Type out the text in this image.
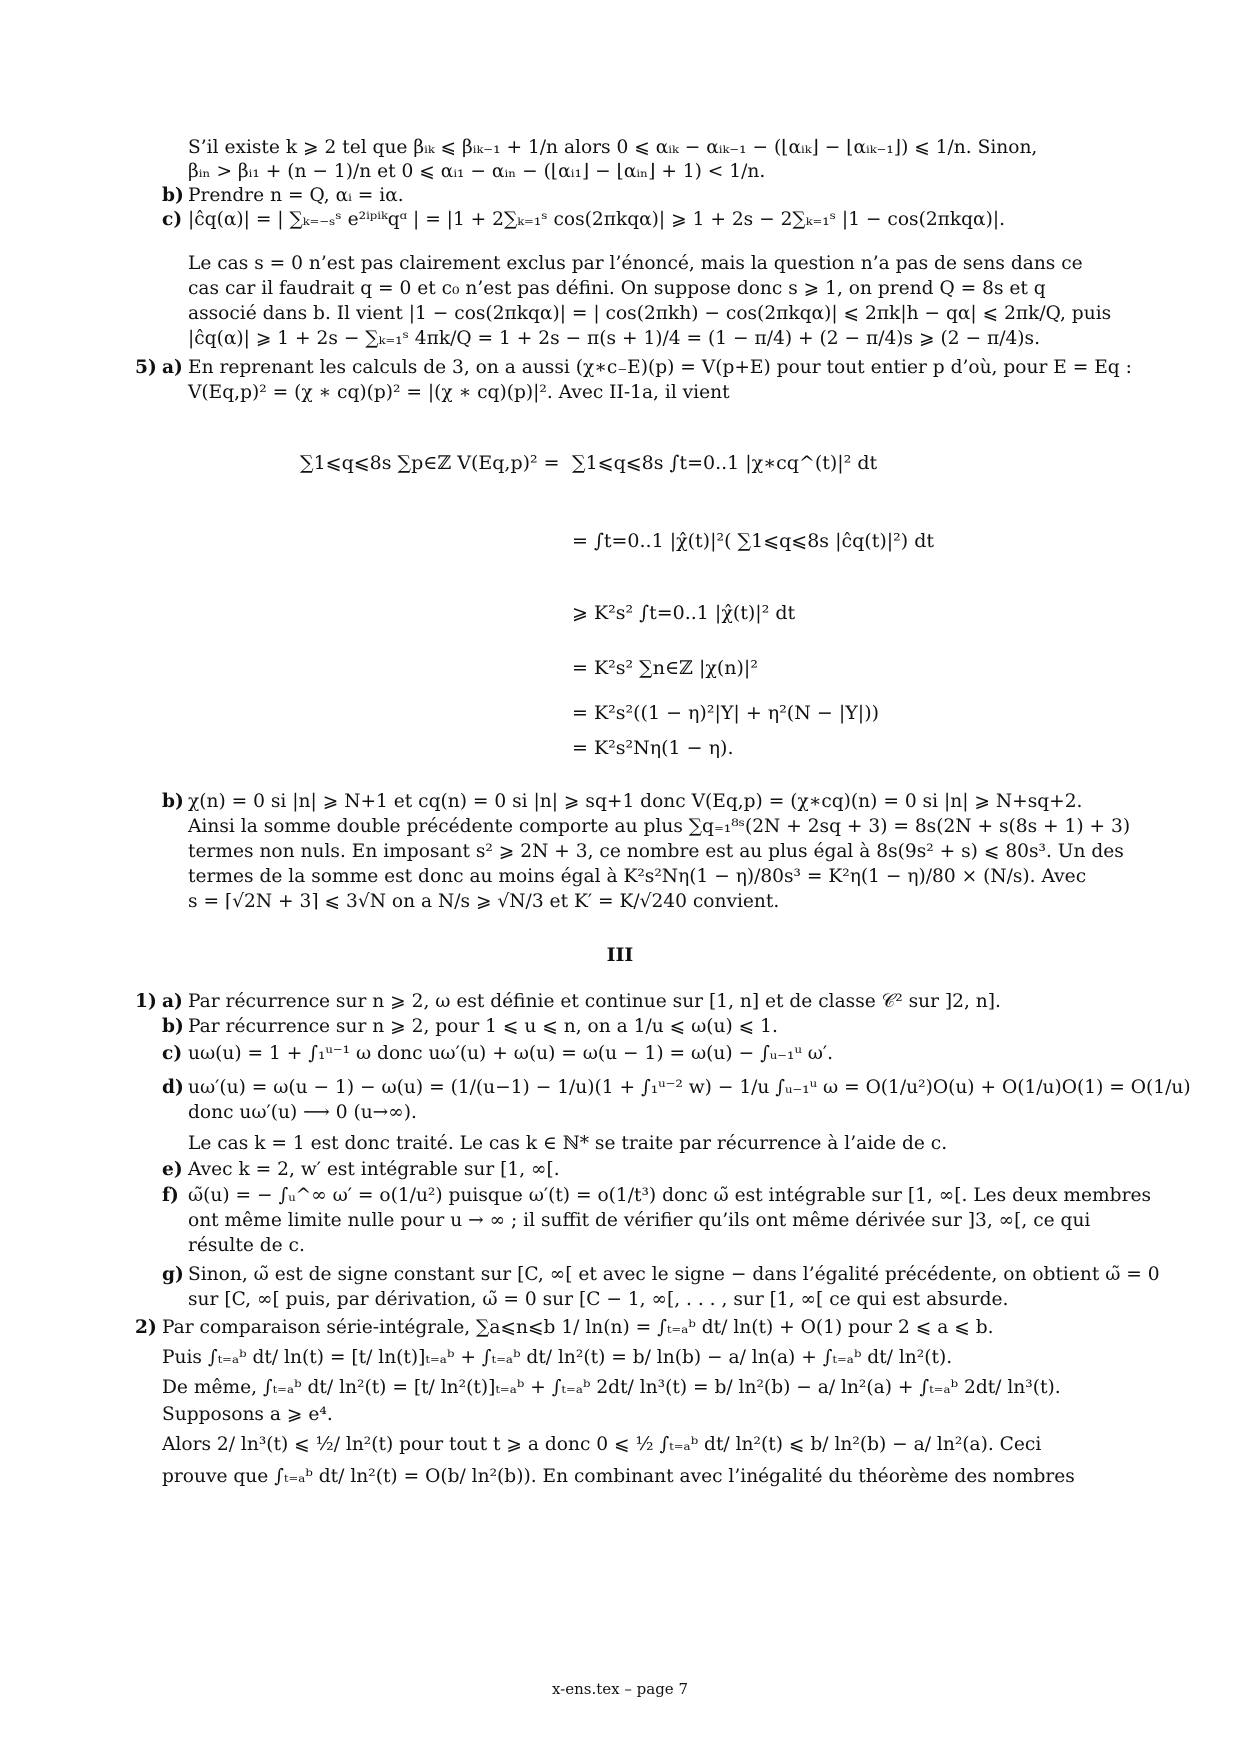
S’il existe k ⩾ 2 tel que βᵢₖ ⩽ βᵢₖ₋₁ + 1/n alors 0 ⩽ αᵢₖ − αᵢₖ₋₁ − (⌊αᵢₖ⌋ − ⌊αᵢₖ₋₁⌋) ⩽ 1/n. Sinon,
βᵢₙ > βᵢ₁ + (n − 1)/n et 0 ⩽ αᵢ₁ − αᵢₙ − (⌊αᵢ₁⌋ − ⌊αᵢₙ⌋ + 1) < 1/n.
b) Prendre n = Q, αᵢ = iα.
c) |ĉq(α)| = | ∑ₖ₌₋ₛˢ e²ⁱᵖⁱᵏqᵅ | = |1 + 2∑ₖ₌₁ˢ cos(2πkqα)| ⩾ 1 + 2s − 2∑ₖ₌₁ˢ |1 − cos(2πkqα)|.
Le cas s = 0 n’est pas clairement exclus par l’énoncé, mais la question n’a pas de sens dans ce
cas car il faudrait q = 0 et c₀ n’est pas défini. On suppose donc s ⩾ 1, on prend Q = 8s et q
associé dans b. Il vient |1 − cos(2πkqα)| = | cos(2πkh) − cos(2πkqα)| ⩽ 2πk|h − qα| ⩽ 2πk/Q, puis
|ĉq(α)| ⩾ 1 + 2s − ∑ₖ₌₁ˢ 4πk/Q = 1 + 2s − π(s + 1)/4 = (1 − π/4) + (2 − π/4)s ⩾ (2 − π/4)s.
5) a) En reprenant les calculs de 3, on a aussi (χ∗c₋E)(p) = V(p+E) pour tout entier p d’où, pour E = Eq :
V(Eq,p)² = (χ ∗ cq)(p)² = |(χ ∗ cq)(p)|². Avec II-1a, il vient
∑1⩽q⩽8s ∑p∈ℤ V(Eq,p)² = ∑1⩽q⩽8s ∫t=0..1 |χ∗cq^(t)|² dt
= ∫t=0..1 |χ̂(t)|²( ∑1⩽q⩽8s |ĉq(t)|²) dt
⩾ K²s² ∫t=0..1 |χ̂(t)|² dt
= K²s² ∑n∈ℤ |χ(n)|²
= K²s²((1 − η)²|Y| + η²(N − |Y|))
= K²s²Nη(1 − η).
b) χ(n) = 0 si |n| ⩾ N+1 et cq(n) = 0 si |n| ⩾ sq+1 donc V(Eq,p) = (χ∗cq)(n) = 0 si |n| ⩾ N+sq+2.
Ainsi la somme double précédente comporte au plus ∑q₌₁⁸ˢ(2N + 2sq + 3) = 8s(2N + s(8s + 1) + 3)
termes non nuls. En imposant s² ⩾ 2N + 3, ce nombre est au plus égal à 8s(9s² + s) ⩽ 80s³. Un des
termes de la somme est donc au moins égal à K²s²Nη(1 − η)/80s³ = K²η(1 − η)/80 × (N/s). Avec
s = ⌈√2N + 3⌉ ⩽ 3√N on a N/s ⩾ √N/3 et K′ = K/√240 convient.
III
1) a) Par récurrence sur n ⩾ 2, ω est définie et continue sur [1, n] et de classe 𝒞² sur ]2, n].
b) Par récurrence sur n ⩾ 2, pour 1 ⩽ u ⩽ n, on a 1/u ⩽ ω(u) ⩽ 1.
c) uω(u) = 1 + ∫₁ᵘ⁻¹ ω donc uω′(u) + ω(u) = ω(u − 1) = ω(u) − ∫ᵤ₋₁ᵘ ω′.
d) uω′(u) = ω(u − 1) − ω(u) = (1/(u−1) − 1/u)(1 + ∫₁ᵘ⁻² w) − 1/u ∫ᵤ₋₁ᵘ ω = O(1/u²)O(u) + O(1/u)O(1) = O(1/u)
donc uω′(u) ⟶ 0 (u→∞).
Le cas k = 1 est donc traité. Le cas k ∈ ℕ* se traite par récurrence à l’aide de c.
e) Avec k = 2, w′ est intégrable sur [1, ∞[.
f) ω̃(u) = − ∫ᵤ^∞ ω′ = o(1/u²) puisque ω′(t) = o(1/t³) donc ω̃ est intégrable sur [1, ∞[. Les deux membres
ont même limite nulle pour u → ∞ ; il suffit de vérifier qu’ils ont même dérivée sur ]3, ∞[, ce qui
résulte de c.
g) Sinon, ω̃ est de signe constant sur [C, ∞[ et avec le signe − dans l’égalité précédente, on obtient ω̃ = 0
sur [C, ∞[ puis, par dérivation, ω̃ = 0 sur [C − 1, ∞[, . . . , sur [1, ∞[ ce qui est absurde.
2) Par comparaison série-intégrale, ∑a⩽n⩽b 1/ ln(n) = ∫ₜ₌ₐᵇ dt/ ln(t) + O(1) pour 2 ⩽ a ⩽ b.
Puis ∫ₜ₌ₐᵇ dt/ ln(t) = [t/ ln(t)]ₜ₌ₐᵇ + ∫ₜ₌ₐᵇ dt/ ln²(t) = b/ ln(b) − a/ ln(a) + ∫ₜ₌ₐᵇ dt/ ln²(t).
De même, ∫ₜ₌ₐᵇ dt/ ln²(t) = [t/ ln²(t)]ₜ₌ₐᵇ + ∫ₜ₌ₐᵇ 2dt/ ln³(t) = b/ ln²(b) − a/ ln²(a) + ∫ₜ₌ₐᵇ 2dt/ ln³(t).
Supposons a ⩾ e⁴.
Alors 2/ ln³(t) ⩽ ½/ ln²(t) pour tout t ⩾ a donc 0 ⩽ ½ ∫ₜ₌ₐᵇ dt/ ln²(t) ⩽ b/ ln²(b) − a/ ln²(a). Ceci
prouve que ∫ₜ₌ₐᵇ dt/ ln²(t) = O(b/ ln²(b)). En combinant avec l’inégalité du théorème des nombres
x-ens.tex – page 7
